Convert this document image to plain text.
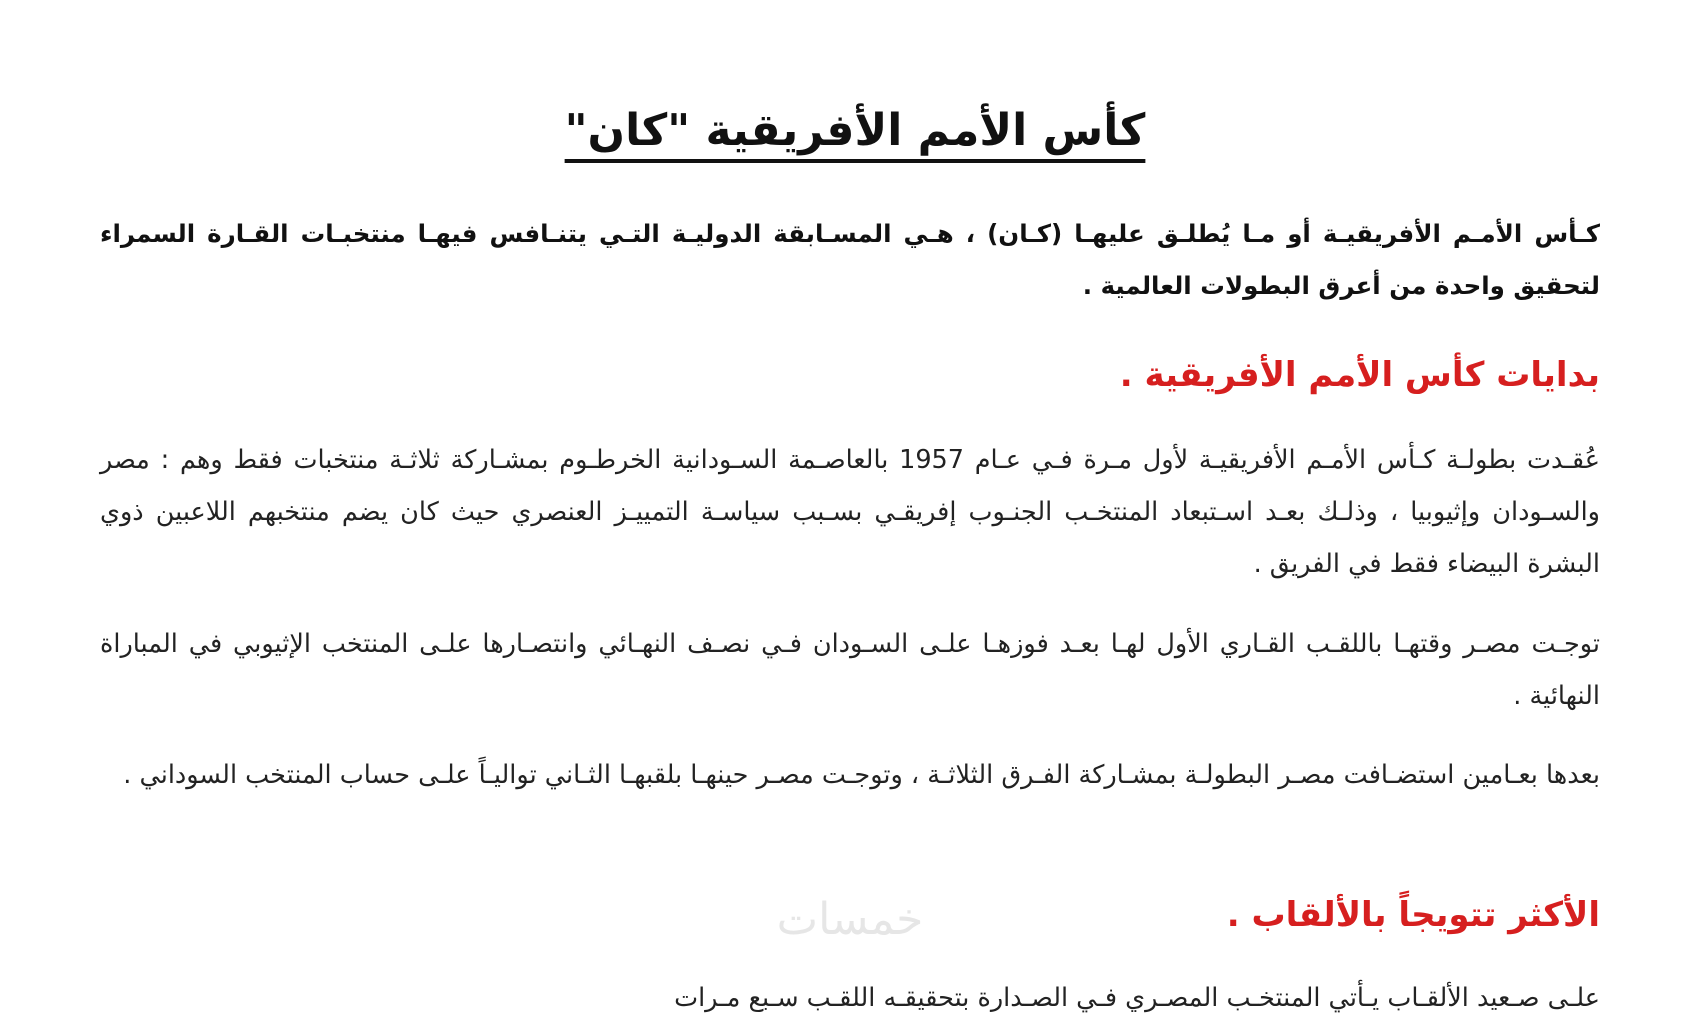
كأس الأمم الأفريقية "كان"

كـأس الأمـم الأفريقيـة أو مـا يُطلـق عليهـا (كـان) ، هـي المسـابقة الدوليـة التـي يتنـافس فيهـا منتخبـات القـارة السمراء لتحقيق واحدة من أعرق البطولات العالمية .

بدايات كأس الأمم الأفريقية .

عُقـدت بطولـة كـأس الأمـم الأفريقيـة لأول مـرة فـي عـام 1957 بالعاصـمة السـودانية الخرطـوم بمشـاركة ثلاثـة منتخبات فقط وهم : مصر والسـودان وإثيوبيا ، وذلـك بعـد اسـتبعاد المنتخـب الجنـوب إفريقـي بسـبب سياسـة التمييـز العنصري حيث كان يضم منتخبهم اللاعبين ذوي البشرة البيضاء فقط في الفريق .

توجـت مصـر وقتهـا باللقـب القـاري الأول لهـا بعـد فوزهـا علـى السـودان فـي نصـف النهـائي وانتصـارها علـى المنتخب الإثيوبي في المباراة النهائية .

بعدها بعـامين استضـافت مصـر البطولـة بمشـاركة الفـرق الثلاثـة ، وتوجـت مصـر حينهـا بلقبهـا الثـاني تواليـاً علـى حساب المنتخب السوداني .

الأكثر تتويجاً بالألقاب .

علـى صـعيد الألقـاب يـأتي المنتخـب المصـري فـي الصـدارة بتحقيقـه اللقـب سـبع مـرات

خمسات
